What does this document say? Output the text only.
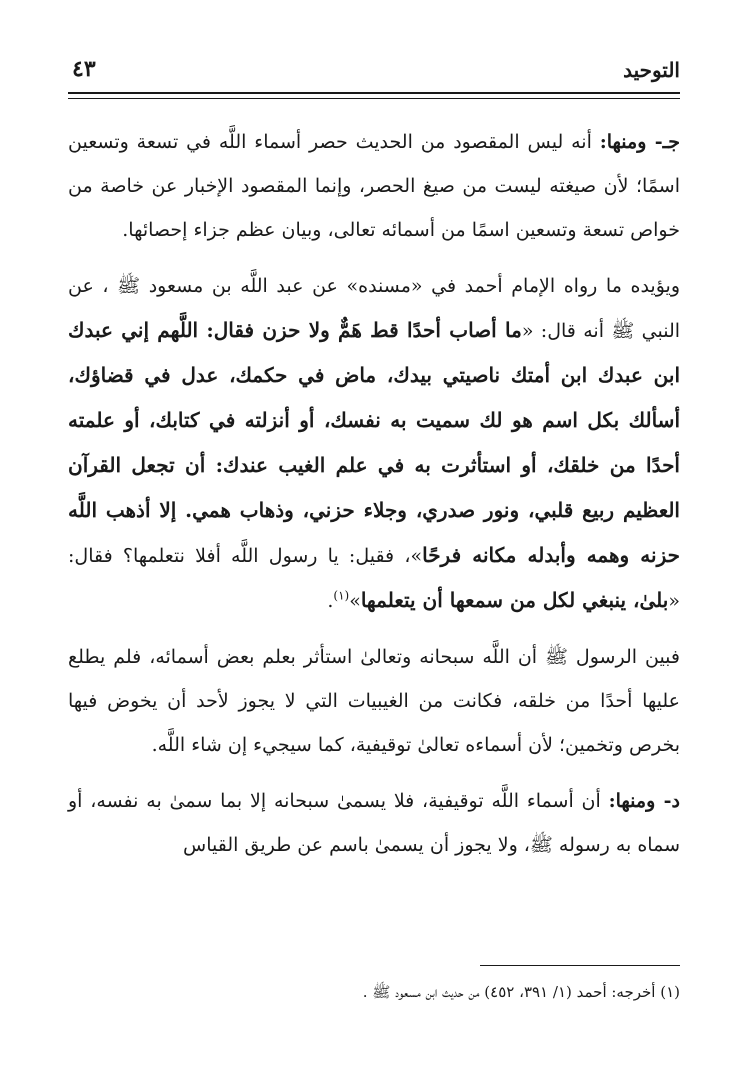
التوحيد
٤٣

جـ- ومنها: أنه ليس المقصود من الحديث حصر أسماء اللَّه في تسعة وتسعين اسمًا؛ لأن صيغته ليست من صيغ الحصر، وإنما المقصود الإخبار عن خاصة من خواص تسعة وتسعين اسمًا من أسمائه تعالى، وبيان عظم جزاء إحصائها.

ويؤيده ما رواه الإمام أحمد في «مسنده» عن عبد اللَّه بن مسعود ﷺ ، عن النبي ﷺ أنه قال: «ما أصاب أحدًا قط هَمٌّ ولا حزن فقال: اللَّهم إني عبدك ابن عبدك ابن أمتك ناصيتي بيدك، ماض في حكمك، عدل في قضاؤك، أسألك بكل اسم هو لك سميت به نفسك، أو أنزلته في كتابك، أو علمته أحدًا من خلقك، أو استأثرت به في علم الغيب عندك: أن تجعل القرآن العظيم ربيع قلبي، ونور صدري، وجلاء حزني، وذهاب همي. إلا أذهب اللَّه حزنه وهمه وأبدله مكانه فرحًا»، فقيل: يا رسول اللَّه أفلا نتعلمها؟ فقال: «بلىٰ، ينبغي لكل من سمعها أن يتعلمها»$^{(١)}$.

فبين الرسول ﷺ أن اللَّه سبحانه وتعالىٰ استأثر بعلم بعض أسمائه، فلم يطلع عليها أحدًا من خلقه، فكانت من الغيبيات التي لا يجوز لأحد أن يخوض فيها بخرص وتخمين؛ لأن أسماءه تعالىٰ توقيفية، كما سيجيء إن شاء اللَّه.

د- ومنها: أن أسماء اللَّه توقيفية، فلا يسمىٰ سبحانه إلا بما سمىٰ به نفسه، أو سماه به رسوله ﷺ، ولا يجوز أن يسمىٰ باسم عن طريق القياس

(١) أخرجه: أحمد (١/ ٣٩١، ٤٥٢) من حديث ابن مسعود ﷺ .
